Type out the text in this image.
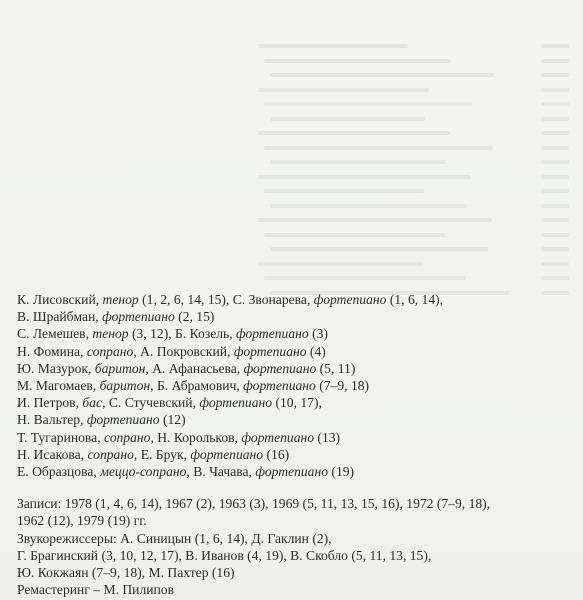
К. Лисовский, тенор (1, 2, 6, 14, 15), С. Звонарева, фортепиано (1, 6, 14),
В. Шрайбман, фортепиано (2, 15)
С. Лемешев, тенор (3, 12), Б. Козель, фортепиано (3)
Н. Фомина, сопрано, А. Покровский, фортепиано (4)
Ю. Мазурок, баритон, А. Афанасьева, фортепиано (5, 11)
М. Магомаев, баритон, Б. Абрамович, фортепиано (7–9, 18)
И. Петров, бас, С. Стучевский, фортепиано (10, 17),
Н. Вальтер, фортепиано (12)
Т. Тугаринова, сопрано, Н. Корольков, фортепиано (13)
Н. Исакова, сопрано, Е. Брук, фортепиано (16)
Е. Образцова, меццо-сопрано, В. Чачава, фортепиано (19)
Записи: 1978 (1, 4, 6, 14), 1967 (2), 1963 (3), 1969 (5, 11, 13, 15, 16), 1972 (7–9, 18),
1962 (12), 1979 (19) гг.
Звукорежиссеры: А. Синицын (1, 6, 14), Д. Гаклин (2),
Г. Брагинский (3, 10, 12, 17), В. Иванов (4, 19), В. Скобло (5, 11, 13, 15),
Ю. Кокжаян (7–9, 18), М. Пахтер (16)
Ремастеринг – М. Пилипов
